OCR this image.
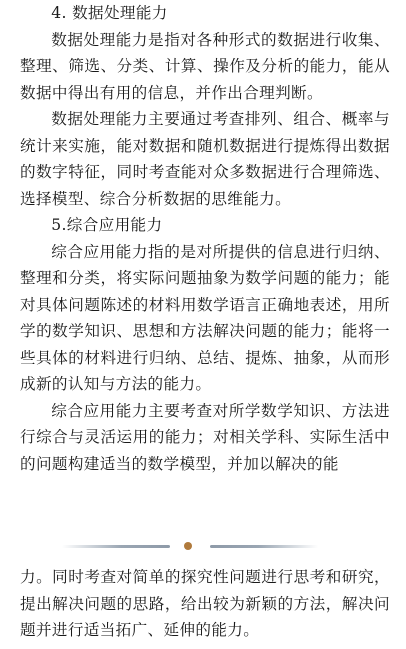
4. 数据处理能力

数据处理能力是指对各种形式的数据进行收集、整理、筛选、分类、计算、操作及分析的能力，能从数据中得出有用的信息，并作出合理判断。

数据处理能力主要通过考查排列、组合、概率与统计来实施，能对数据和随机数据进行提炼得出数据的数字特征，同时考查能对众多数据进行合理筛选、选择模型、综合分析数据的思维能力。

5.综合应用能力

综合应用能力指的是对所提供的信息进行归纳、整理和分类，将实际问题抽象为数学问题的能力；能对具体问题陈述的材料用数学语言正确地表述，用所学的数学知识、思想和方法解决问题的能力；能将一些具体的材料进行归纳、总结、提炼、抽象，从而形成新的认知与方法的能力。

综合应用能力主要考查对所学数学知识、方法进行综合与灵活运用的能力；对相关学科、实际生活中的问题构建适当的数学模型，并加以解决的能

力。同时考查对简单的探究性问题进行思考和研究，提出解决问题的思路，给出较为新颖的方法，解决问题并进行适当拓广、延伸的能力。
